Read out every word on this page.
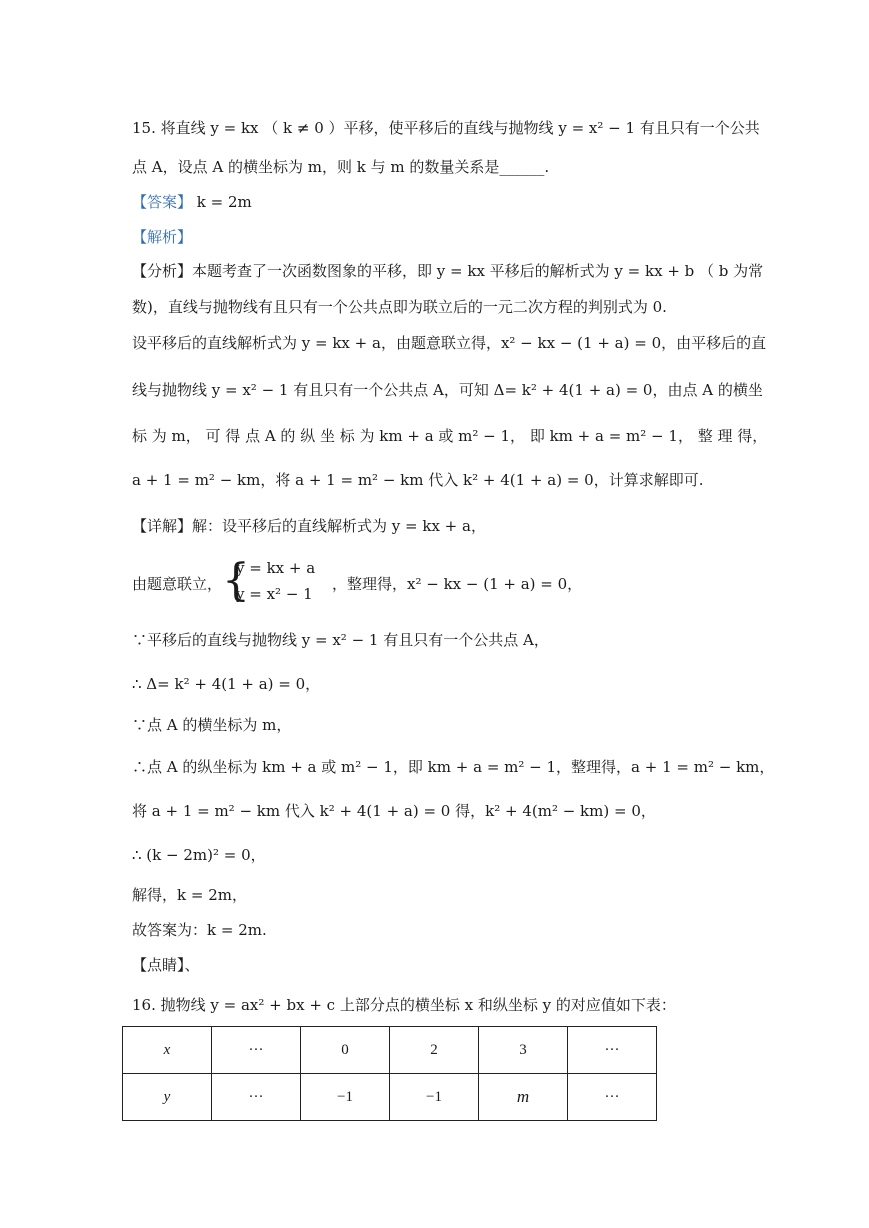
15. 将直线 y = kx （ k ≠ 0 ）平移，使平移后的直线与抛物线 y = x² − 1 有且只有一个公共
点 A，设点 A 的横坐标为 m，则 k 与 m 的数量关系是______.
【答案】 k = 2m
【解析】
【分析】本题考查了一次函数图象的平移，即 y = kx 平移后的解析式为 y = kx + b （ b 为常
数)，直线与抛物线有且只有一个公共点即为联立后的一元二次方程的判别式为 0.
设平移后的直线解析式为 y = kx + a，由题意联立得，x² − kx − (1 + a) = 0，由平移后的直
线与抛物线 y = x² − 1 有且只有一个公共点 A，可知 Δ= k² + 4(1 + a) = 0，由点 A 的横坐
标 为 m， 可 得 点 A 的 纵 坐 标 为 km + a 或 m² − 1， 即 km + a = m² − 1， 整 理 得，
a + 1 = m² − km，将 a + 1 = m² − km 代入 k² + 4(1 + a) = 0，计算求解即可.
【详解】解：设平移后的直线解析式为 y = kx + a，
由题意联立， {
y = kx + a
y = x² − 1
，整理得，x² − kx − (1 + a) = 0，
∵平移后的直线与抛物线 y = x² − 1 有且只有一个公共点 A，
∴ Δ= k² + 4(1 + a) = 0，
∵点 A 的横坐标为 m，
∴点 A 的纵坐标为 km + a 或 m² − 1，即 km + a = m² − 1，整理得，a + 1 = m² − km，
将 a + 1 = m² − km 代入 k² + 4(1 + a) = 0 得，k² + 4(m² − km) = 0，
∴ (k − 2m)² = 0，
解得，k = 2m，
故答案为：k = 2m.
【点睛】、
16. 抛物线 y = ax² + bx + c 上部分点的横坐标 x 和纵坐标 y 的对应值如下表：
x	···	0	2	3	···
y	···	−1	−1	m	···
